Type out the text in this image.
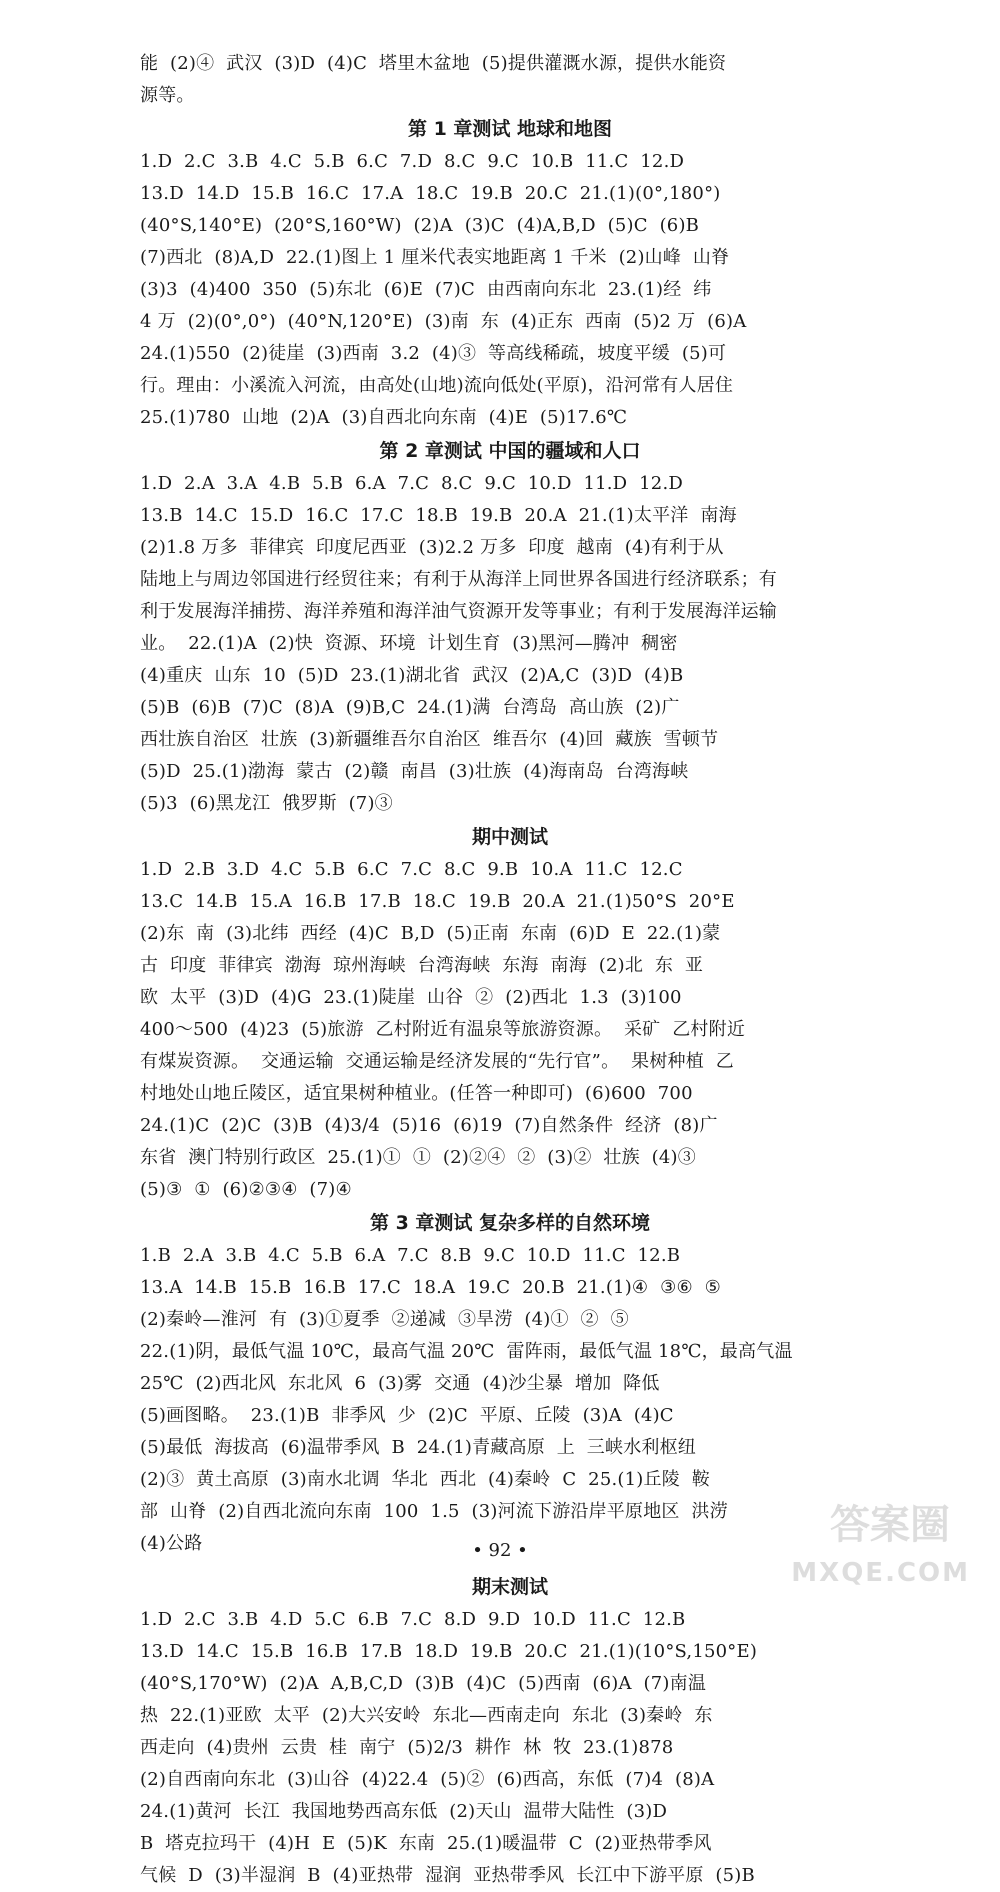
能  (2)④  武汉  (3)D  (4)C  塔里木盆地  (5)提供灌溉水源，提供水能资
源等。
第 1 章测试 地球和地图
1.D  2.C  3.B  4.C  5.B  6.C  7.D  8.C  9.C  10.B  11.C  12.D
13.D  14.D  15.B  16.C  17.A  18.C  19.B  20.C  21.(1)(0°,180°)
(40°S,140°E)  (20°S,160°W)  (2)A  (3)C  (4)A,B,D  (5)C  (6)B
(7)西北  (8)A,D  22.(1)图上 1 厘米代表实地距离 1 千米  (2)山峰  山脊
(3)3  (4)400  350  (5)东北  (6)E  (7)C  由西南向东北  23.(1)经  纬
4 万  (2)(0°,0°)  (40°N,120°E)  (3)南  东  (4)正东  西南  (5)2 万  (6)A
24.(1)550  (2)徒崖  (3)西南  3.2  (4)③  等高线稀疏，坡度平缓  (5)可
行。理由：小溪流入河流，由高处(山地)流向低处(平原)，沿河常有人居住
25.(1)780  山地  (2)A  (3)自西北向东南  (4)E  (5)17.6℃
第 2 章测试 中国的疆域和人口
1.D  2.A  3.A  4.B  5.B  6.A  7.C  8.C  9.C  10.D  11.D  12.D
13.B  14.C  15.D  16.C  17.C  18.B  19.B  20.A  21.(1)太平洋  南海
(2)1.8 万多  菲律宾  印度尼西亚  (3)2.2 万多  印度  越南  (4)有利于从
陆地上与周边邻国进行经贸往来；有利于从海洋上同世界各国进行经济联系；有
利于发展海洋捕捞、海洋养殖和海洋油气资源开发等事业；有利于发展海洋运输
业。  22.(1)A  (2)快  资源、环境  计划生育  (3)黑河—腾冲  稠密
(4)重庆  山东  10  (5)D  23.(1)湖北省  武汉  (2)A,C  (3)D  (4)B
(5)B  (6)B  (7)C  (8)A  (9)B,C  24.(1)满  台湾岛  高山族  (2)广
西壮族自治区  壮族  (3)新疆维吾尔自治区  维吾尔  (4)回  藏族  雪顿节
(5)D  25.(1)渤海  蒙古  (2)赣  南昌  (3)壮族  (4)海南岛  台湾海峡
(5)3  (6)黑龙江  俄罗斯  (7)③
期中测试
1.D  2.B  3.D  4.C  5.B  6.C  7.C  8.C  9.B  10.A  11.C  12.C
13.C  14.B  15.A  16.B  17.B  18.C  19.B  20.A  21.(1)50°S  20°E
(2)东  南  (3)北纬  西经  (4)C  B,D  (5)正南  东南  (6)D  E  22.(1)蒙
古  印度  菲律宾  渤海  琼州海峡  台湾海峡  东海  南海  (2)北  东  亚
欧  太平  (3)D  (4)G  23.(1)陡崖  山谷  ②  (2)西北  1.3  (3)100
400～500  (4)23  (5)旅游  乙村附近有温泉等旅游资源。  采矿  乙村附近
有煤炭资源。  交通运输  交通运输是经济发展的“先行官”。  果树种植  乙
村地处山地丘陵区，适宜果树种植业。(任答一种即可)  (6)600  700
24.(1)C  (2)C  (3)B  (4)3/4  (5)16  (6)19  (7)自然条件  经济  (8)广
东省  澳门特别行政区  25.(1)①  ①  (2)②④  ②  (3)②  壮族  (4)③
(5)③  ①  (6)②③④  (7)④
第 3 章测试 复杂多样的自然环境
1.B  2.A  3.B  4.C  5.B  6.A  7.C  8.B  9.C  10.D  11.C  12.B
13.A  14.B  15.B  16.B  17.C  18.A  19.C  20.B  21.(1)④  ③⑥  ⑤
(2)秦岭—淮河  有  (3)①夏季  ②递减  ③旱涝  (4)①  ②  ⑤
22.(1)阴，最低气温 10℃，最高气温 20℃  雷阵雨，最低气温 18℃，最高气温
25℃  (2)西北风  东北风  6  (3)雾  交通  (4)沙尘暴  增加  降低
(5)画图略。  23.(1)B  非季风  少  (2)C  平原、丘陵  (3)A  (4)C
(5)最低  海拔高  (6)温带季风  B  24.(1)青藏高原  上  三峡水利枢纽
(2)③  黄土高原  (3)南水北调  华北  西北  (4)秦岭  C  25.(1)丘陵  鞍
部  山脊  (2)自西北流向东南  100  1.5  (3)河流下游沿岸平原地区  洪涝
(4)公路
期末测试
1.D  2.C  3.B  4.D  5.C  6.B  7.C  8.D  9.D  10.D  11.C  12.B
13.D  14.C  15.B  16.B  17.B  18.D  19.B  20.C  21.(1)(10°S,150°E)
(40°S,170°W)  (2)A  A,B,C,D  (3)B  (4)C  (5)西南  (6)A  (7)南温
热  22.(1)亚欧  太平  (2)大兴安岭  东北—西南走向  东北  (3)秦岭  东
西走向  (4)贵州  云贵  桂  南宁  (5)2/3  耕作  林  牧  23.(1)878
(2)自西南向东北  (3)山谷  (4)22.4  (5)②  (6)西高，东低  (7)4  (8)A
24.(1)黄河  长江  我国地势西高东低  (2)天山  温带大陆性  (3)D
B  塔克拉玛干  (4)H  E  (5)K  东南  25.(1)暖温带  C  (2)亚热带季风
气候  D  (3)半湿润  B  (4)亚热带  湿润  亚热带季风  长江中下游平原  (5)B
• 92 •
答案圈
MXQE.COM
